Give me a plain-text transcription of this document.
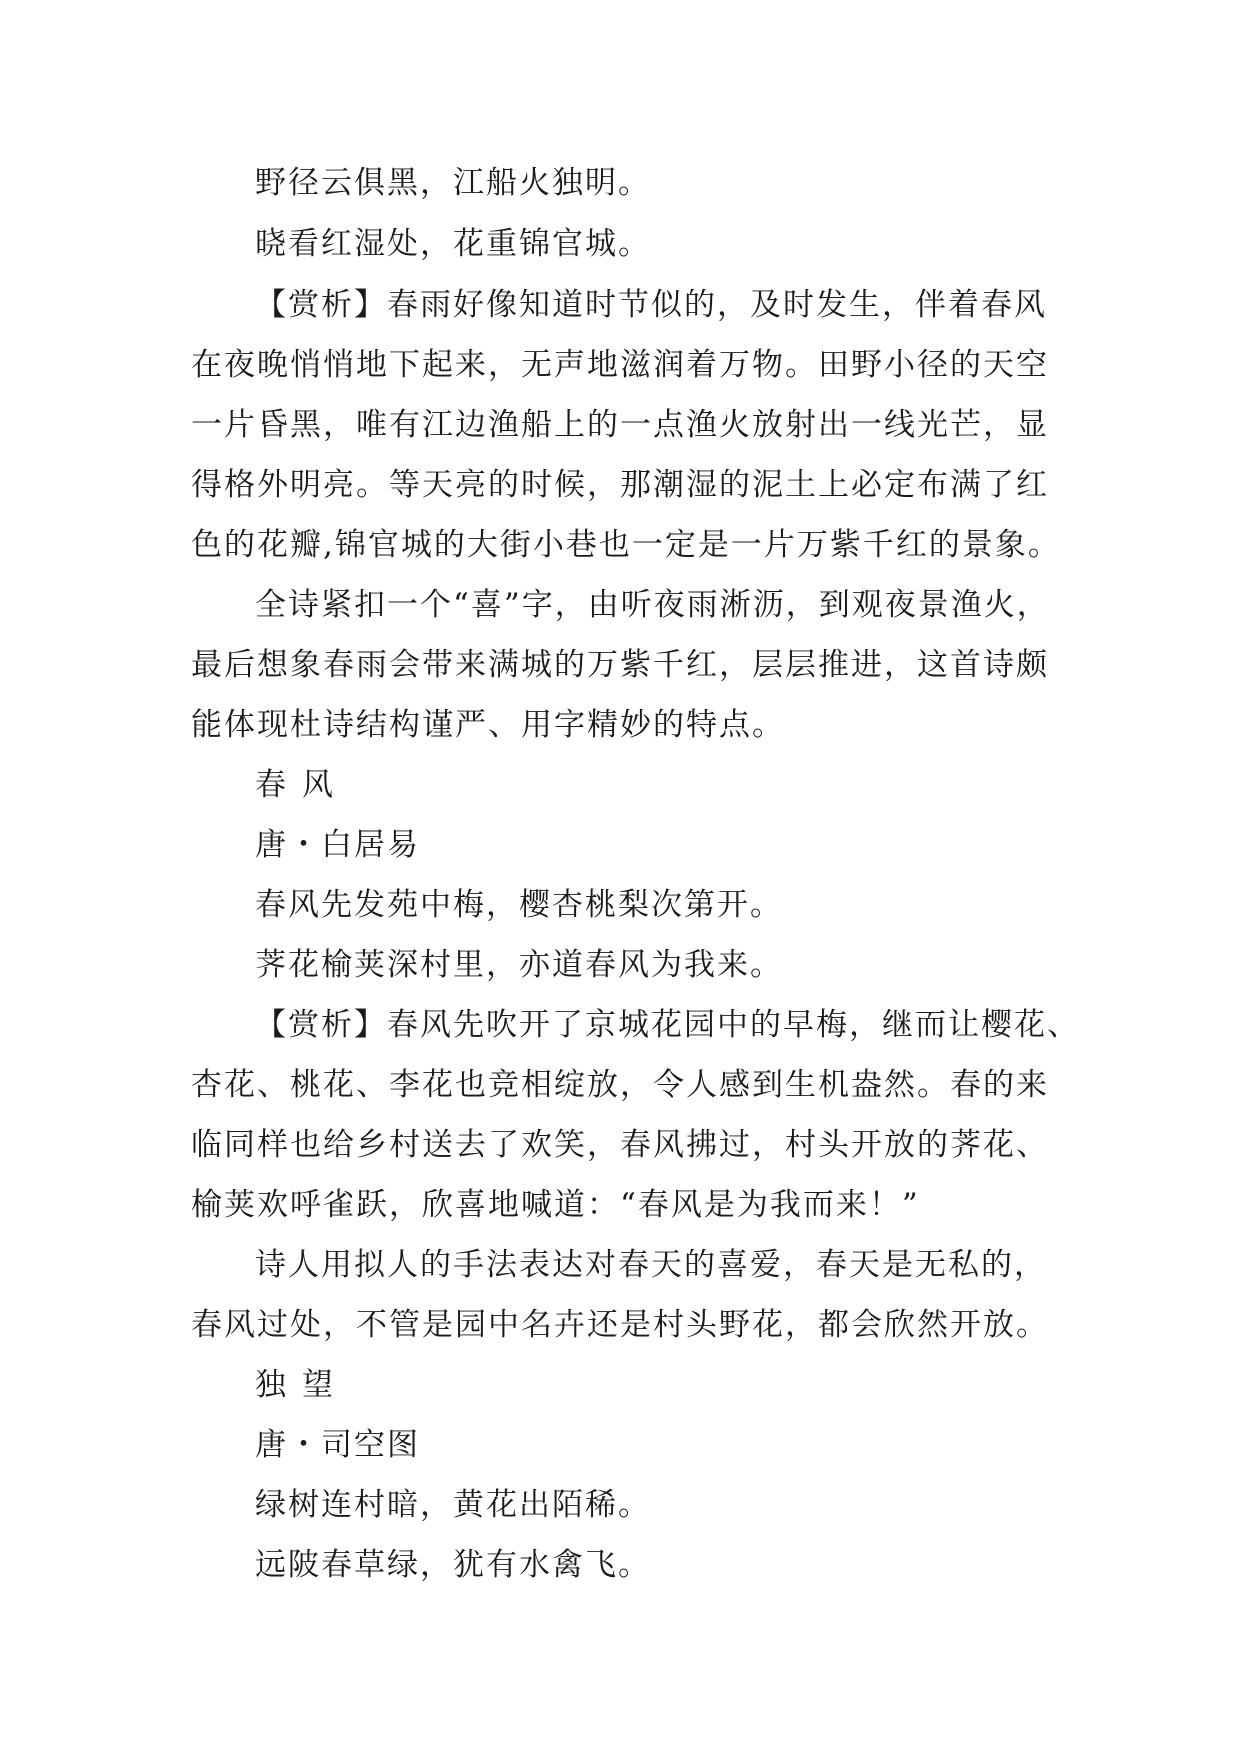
野径云俱黑，江船火独明。
晓看红湿处，花重锦官城。
【赏析】春雨好像知道时节似的，及时发生，伴着春风
在夜晚悄悄地下起来，无声地滋润着万物。田野小径的天空
一片昏黑，唯有江边渔船上的一点渔火放射出一线光芒，显
得格外明亮。等天亮的时候，那潮湿的泥土上必定布满了红
色的花瓣,锦官城的大街小巷也一定是一片万紫千红的景象。
全诗紧扣一个“喜”字，由听夜雨淅沥，到观夜景渔火，
最后想象春雨会带来满城的万紫千红，层层推进，这首诗颇
能体现杜诗结构谨严、用字精妙的特点。
春 风
唐・白居易
春风先发苑中梅，樱杏桃梨次第开。
荠花榆荚深村里，亦道春风为我来。
【赏析】春风先吹开了京城花园中的早梅，继而让樱花、
杏花、桃花、李花也竞相绽放，令人感到生机盎然。春的来
临同样也给乡村送去了欢笑，春风拂过，村头开放的荠花、
榆荚欢呼雀跃，欣喜地喊道：“春风是为我而来！”
诗人用拟人的手法表达对春天的喜爱，春天是无私的，
春风过处，不管是园中名卉还是村头野花，都会欣然开放。
独 望
唐・司空图
绿树连村暗，黄花出陌稀。
远陂春草绿，犹有水禽飞。
